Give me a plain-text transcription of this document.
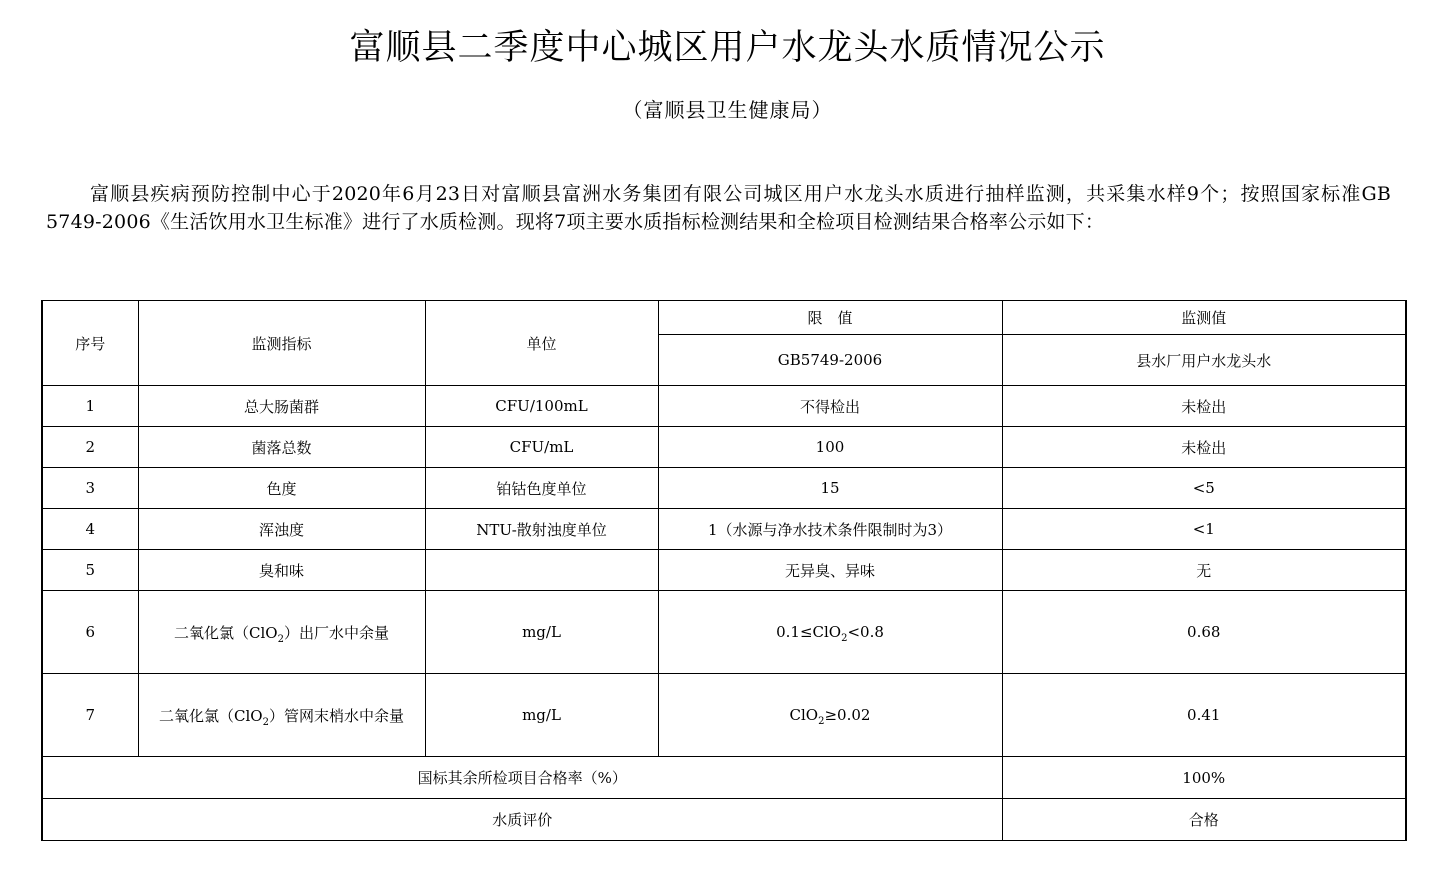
富顺县二季度中心城区用户水龙头水质情况公示
（富顺县卫生健康局）
富顺县疾病预防控制中心于2020年6月23日对富顺县富洲水务集团有限公司城区用户水龙头水质进行抽样监测，共采集水样9个；按照国家标准GB 5749-2006《生活饮用水卫生标准》进行了水质检测。现将7项主要水质指标检测结果和全检项目检测结果合格率公示如下：
序号	监测指标	单位	限　值	监测值
			GB5749-2006	县水厂用户水龙头水
1	总大肠菌群	CFU/100mL	不得检出	未检出
2	菌落总数	CFU/mL	100	未检出
3	色度	铂钴色度单位	15	<5
4	浑浊度	NTU-散射浊度单位	1（水源与净水技术条件限制时为3）	<1
5	臭和味		无异臭、异味	无
6	二氧化氯（ClO$_2$）出厂水中余量	mg/L	0.1≤ClO$_2$<0.8	0.68
7	二氧化氯（ClO$_2$）管网末梢水中余量	mg/L	ClO$_2$≥0.02	0.41
国标其余所检项目合格率（%）				100%
水质评价				合格
